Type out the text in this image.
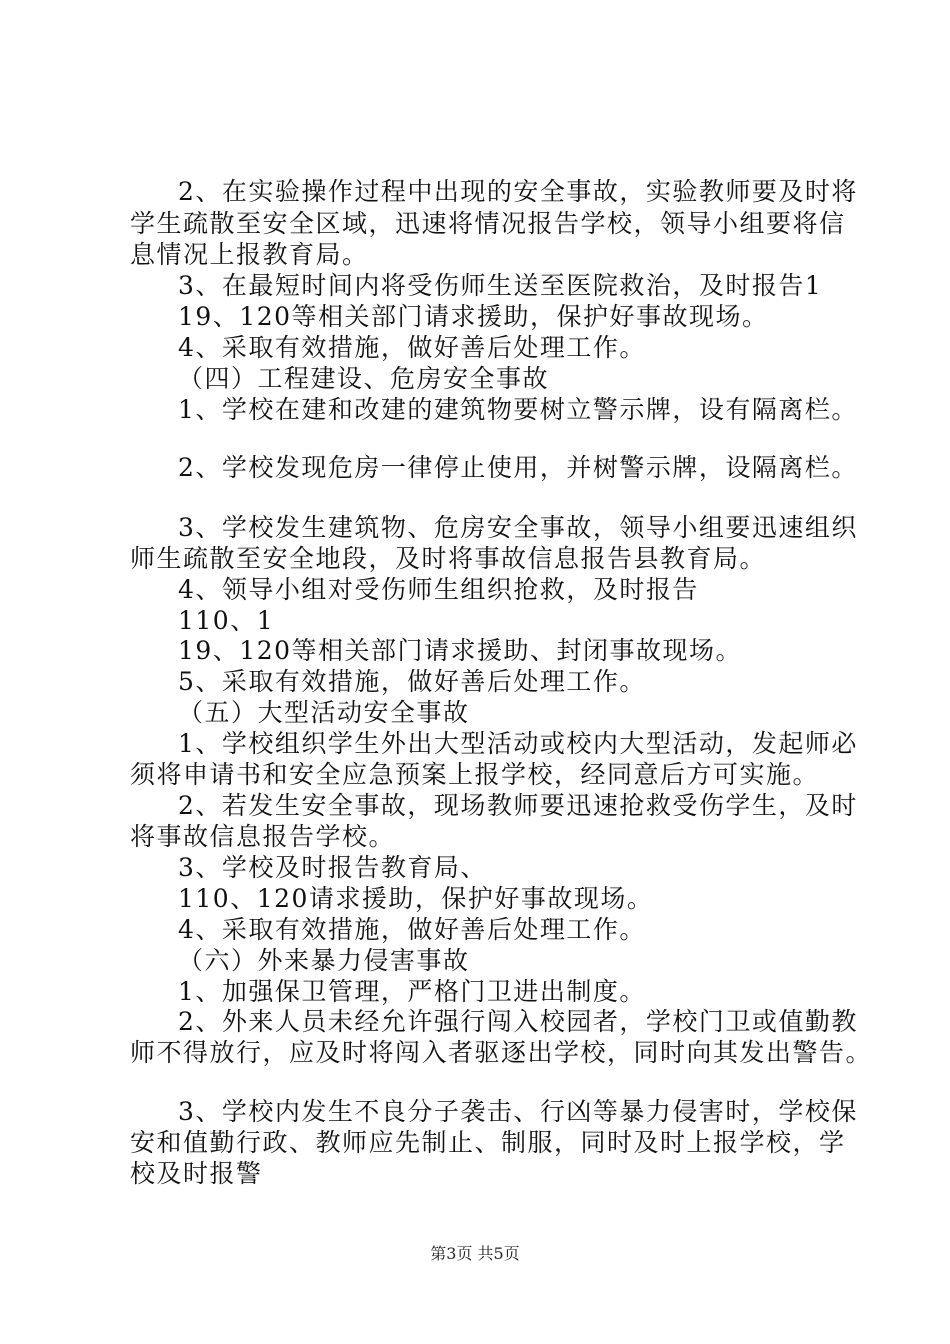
2、在实验操作过程中出现的安全事故，实验教师要及时将
学生疏散至安全区域，迅速将情况报告学校，领导小组要将信
息情况上报教育局。
3、在最短时间内将受伤师生送至医院救治，及时报告1
19、120等相关部门请求援助，保护好事故现场。
4、采取有效措施，做好善后处理工作。
（四）工程建设、危房安全事故
1、学校在建和改建的建筑物要树立警示牌，设有隔离栏。
2、学校发现危房一律停止使用，并树警示牌，设隔离栏。
3、学校发生建筑物、危房安全事故，领导小组要迅速组织
师生疏散至安全地段，及时将事故信息报告县教育局。
4、领导小组对受伤师生组织抢救，及时报告
110、1
19、120等相关部门请求援助、封闭事故现场。
5、采取有效措施，做好善后处理工作。
（五）大型活动安全事故
1、学校组织学生外出大型活动或校内大型活动，发起师必
须将申请书和安全应急预案上报学校，经同意后方可实施。
2、若发生安全事故，现场教师要迅速抢救受伤学生，及时
将事故信息报告学校。
3、学校及时报告教育局、
110、120请求援助，保护好事故现场。
4、采取有效措施，做好善后处理工作。
（六）外来暴力侵害事故
1、加强保卫管理，严格门卫进出制度。
2、外来人员未经允许强行闯入校园者，学校门卫或值勤教
师不得放行，应及时将闯入者驱逐出学校，同时向其发出警告。
3、学校内发生不良分子袭击、行凶等暴力侵害时，学校保
安和值勤行政、教师应先制止、制服，同时及时上报学校，学
校及时报警
第3页 共5页
